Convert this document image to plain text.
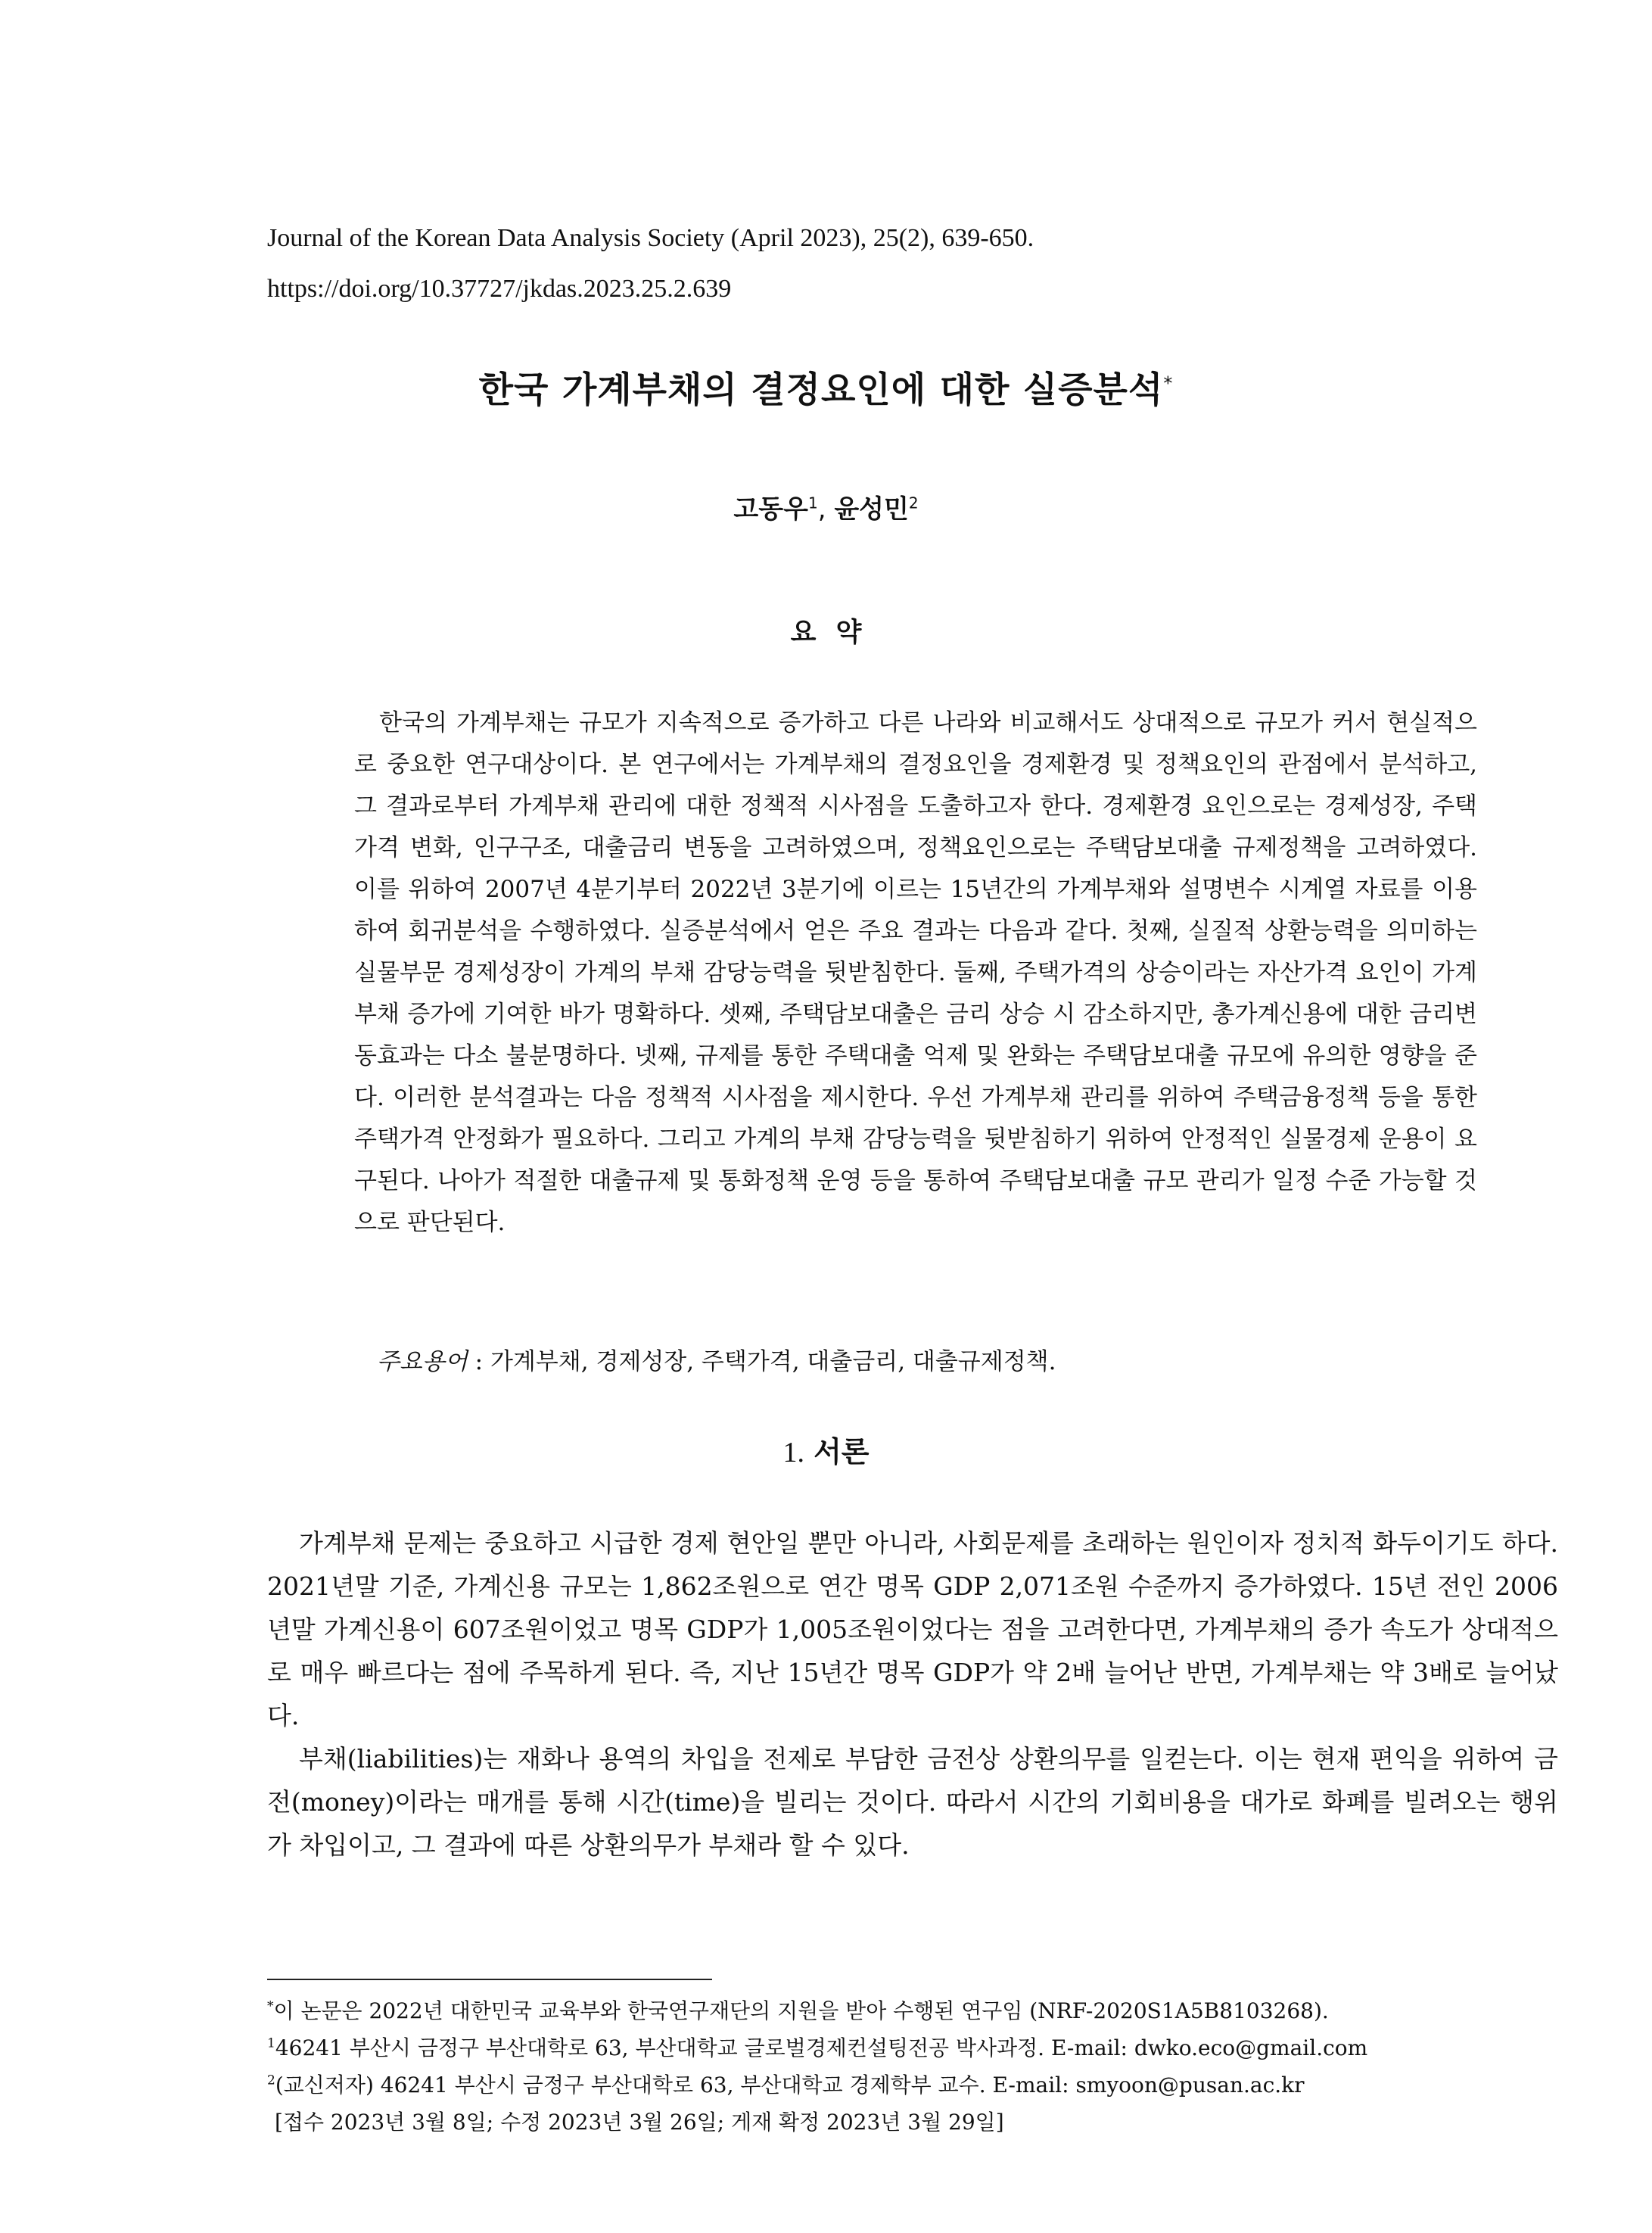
Journal of the Korean Data Analysis Society (April 2023), 25(2), 639-650.
https://doi.org/10.37727/jkdas.2023.25.2.639
한국 가계부채의 결정요인에 대한 실증분석*
고동우$^1$, 윤성민$^2$
요 약
한국의 가계부채는 규모가 지속적으로 증가하고 다른 나라와 비교해서도 상대적으로 규모가 커서 현실적으로 중요한 연구대상이다. 본 연구에서는 가계부채의 결정요인을 경제환경 및 정책요인의 관점에서 분석하고, 그 결과로부터 가계부채 관리에 대한 정책적 시사점을 도출하고자 한다. 경제환경 요인으로는 경제성장, 주택가격 변화, 인구구조, 대출금리 변동을 고려하였으며, 정책요인으로는 주택담보대출 규제정책을 고려하였다. 이를 위하여 2007년 4분기부터 2022년 3분기에 이르는 15년간의 가계부채와 설명변수 시계열 자료를 이용하여 회귀분석을 수행하였다. 실증분석에서 얻은 주요 결과는 다음과 같다. 첫째, 실질적 상환능력을 의미하는 실물부문 경제성장이 가계의 부채 감당능력을 뒷받침한다. 둘째, 주택가격의 상승이라는 자산가격 요인이 가계부채 증가에 기여한 바가 명확하다. 셋째, 주택담보대출은 금리 상승 시 감소하지만, 총가계신용에 대한 금리변동효과는 다소 불분명하다. 넷째, 규제를 통한 주택대출 억제 및 완화는 주택담보대출 규모에 유의한 영향을 준다. 이러한 분석결과는 다음 정책적 시사점을 제시한다. 우선 가계부채 관리를 위하여 주택금융정책 등을 통한 주택가격 안정화가 필요하다. 그리고 가계의 부채 감당능력을 뒷받침하기 위하여 안정적인 실물경제 운용이 요구된다. 나아가 적절한 대출규제 및 통화정책 운영 등을 통하여 주택담보대출 규모 관리가 일정 수준 가능할 것으로 판단된다.
주요용어 : 가계부채, 경제성장, 주택가격, 대출금리, 대출규제정책.
1. 서론

가계부채 문제는 중요하고 시급한 경제 현안일 뿐만 아니라, 사회문제를 초래하는 원인이자 정치적 화두이기도 하다. 2021년말 기준, 가계신용 규모는 1,862조원으로 연간 명목 GDP 2,071조원 수준까지 증가하였다. 15년 전인 2006년말 가계신용이 607조원이었고 명목 GDP가 1,005조원이었다는 점을 고려한다면, 가계부채의 증가 속도가 상대적으로 매우 빠르다는 점에 주목하게 된다. 즉, 지난 15년간 명목 GDP가 약 2배 늘어난 반면, 가계부채는 약 3배로 늘어났다.

부채(liabilities)는 재화나 용역의 차입을 전제로 부담한 금전상 상환의무를 일컫는다. 이는 현재 편익을 위하여 금전(money)이라는 매개를 통해 시간(time)을 빌리는 것이다. 따라서 시간의 기회비용을 대가로 화폐를 빌려오는 행위가 차입이고, 그 결과에 따른 상환의무가 부채라 할 수 있다.

*이 논문은 2022년 대한민국 교육부와 한국연구재단의 지원을 받아 수행된 연구임 (NRF-2020S1A5B8103268).
$^1$46241 부산시 금정구 부산대학로 63, 부산대학교 글로벌경제컨설팅전공 박사과정. E-mail: dwko.eco@gmail.com
$^2$(교신저자) 46241 부산시 금정구 부산대학로 63, 부산대학교 경제학부 교수. E-mail: smyoon@pusan.ac.kr
[접수 2023년 3월 8일; 수정 2023년 3월 26일; 게재 확정 2023년 3월 29일]
